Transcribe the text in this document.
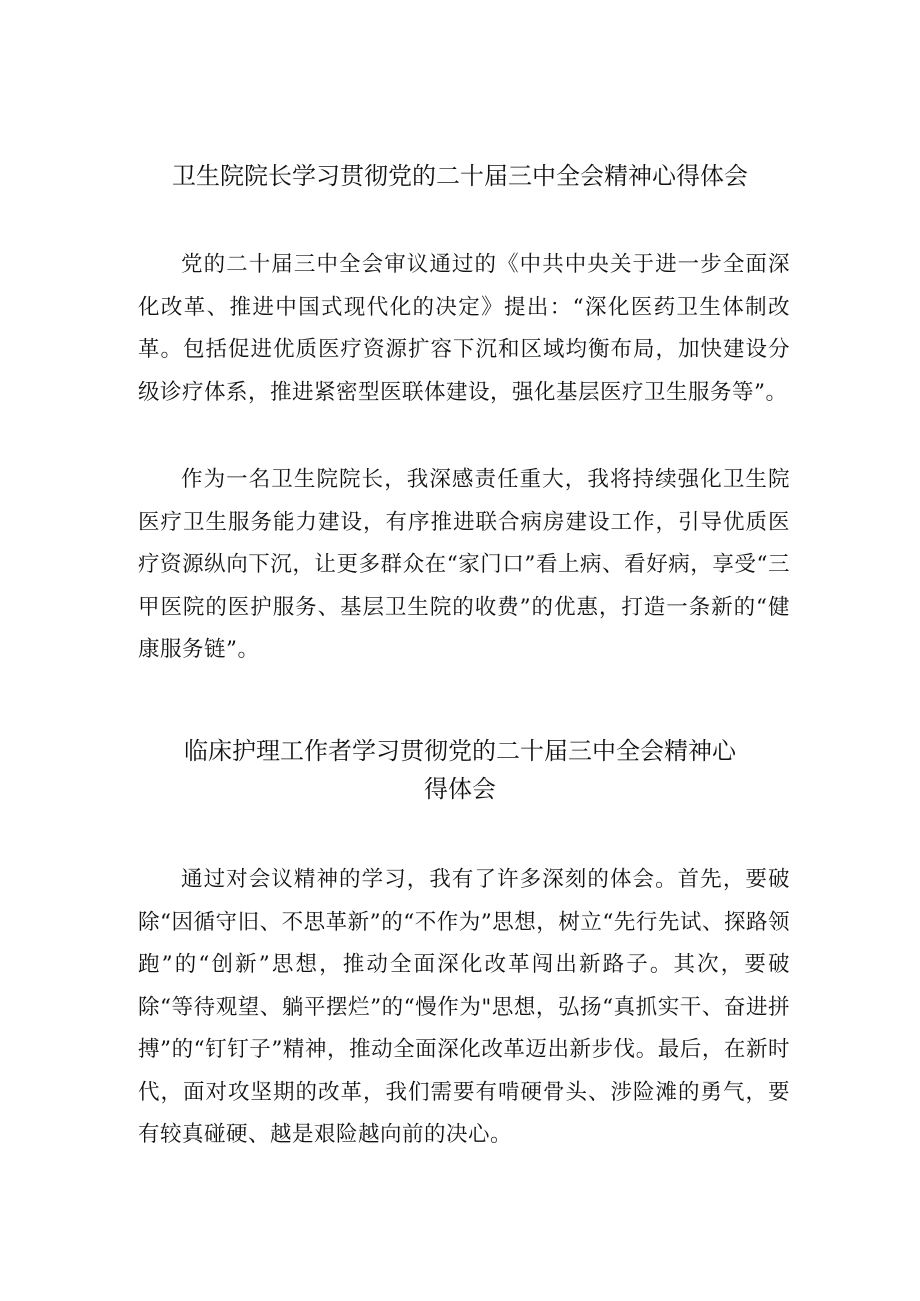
卫生院院长学习贯彻党的二十届三中全会精神心得体会

党的二十届三中全会审议通过的《中共中央关于进一步全面深化改革、推进中国式现代化的决定》提出：“深化医药卫生体制改革。包括促进优质医疗资源扩容下沉和区域均衡布局，加快建设分级诊疗体系，推进紧密型医联体建设，强化基层医疗卫生服务等”。

作为一名卫生院院长，我深感责任重大，我将持续强化卫生院医疗卫生服务能力建设，有序推进联合病房建设工作，引导优质医疗资源纵向下沉，让更多群众在“家门口”看上病、看好病，享受“三甲医院的医护服务、基层卫生院的收费”的优惠，打造一条新的“健康服务链”。

临床护理工作者学习贯彻党的二十届三中全会精神心
得体会

通过对会议精神的学习，我有了许多深刻的体会。首先，要破除“因循守旧、不思革新”的“不作为”思想，树立“先行先试、探路领跑”的“创新”思想，推动全面深化改革闯出新路子。其次，要破除“等待观望、躺平摆烂”的“慢作为"思想，弘扬“真抓实干、奋进拼搏”的“钉钉子”精神，推动全面深化改革迈出新步伐。最后，在新时代，面对攻坚期的改革，我们需要有啃硬骨头、涉险滩的勇气，要有较真碰硬、越是艰险越向前的决心。
